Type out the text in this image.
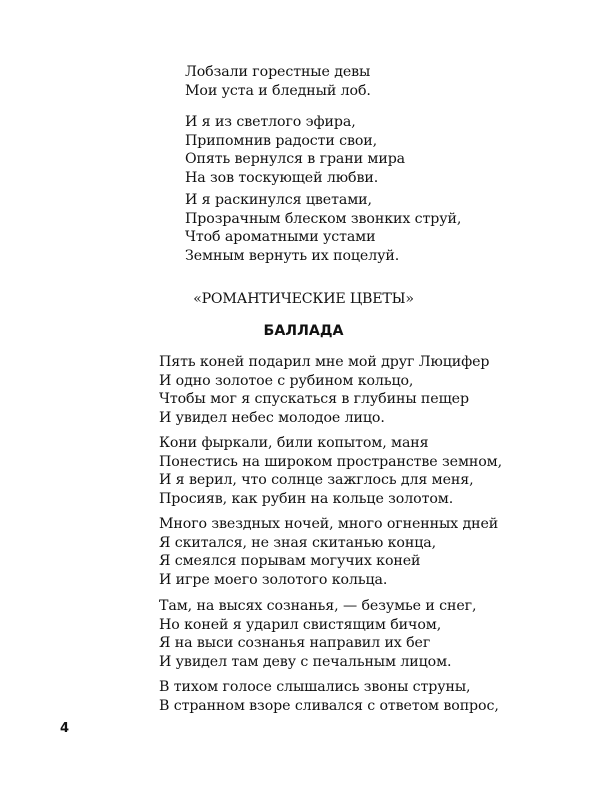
Лобзали горестные девы
Мои уста и бледный лоб.
И я из светлого эфира,
Припомнив радости свои,
Опять вернулся в грани мира
На зов тоскующей любви.
И я раскинулся цветами,
Прозрачным блеском звонких струй,
Чтоб ароматными устами
Земным вернуть их поцелуй.
«РОМАНТИЧЕСКИЕ ЦВЕТЫ»
БАЛЛАДА
Пять коней подарил мне мой друг Люцифер
И одно золотое с рубином кольцо,
Чтобы мог я спускаться в глубины пещер
И увидел небес молодое лицо.
Кони фыркали, били копытом, маня
Понестись на широком пространстве земном,
И я верил, что солнце зажглось для меня,
Просияв, как рубин на кольце золотом.
Много звездных ночей, много огненных дней
Я скитался, не зная скитанью конца,
Я смеялся порывам могучих коней
И игре моего золотого кольца.
Там, на высях сознанья, — безумье и снег,
Но коней я ударил свистящим бичом,
Я на выси сознанья направил их бег
И увидел там деву с печальным лицом.
В тихом голосе слышались звоны струны,
В странном взоре сливался с ответом вопрос,
4
